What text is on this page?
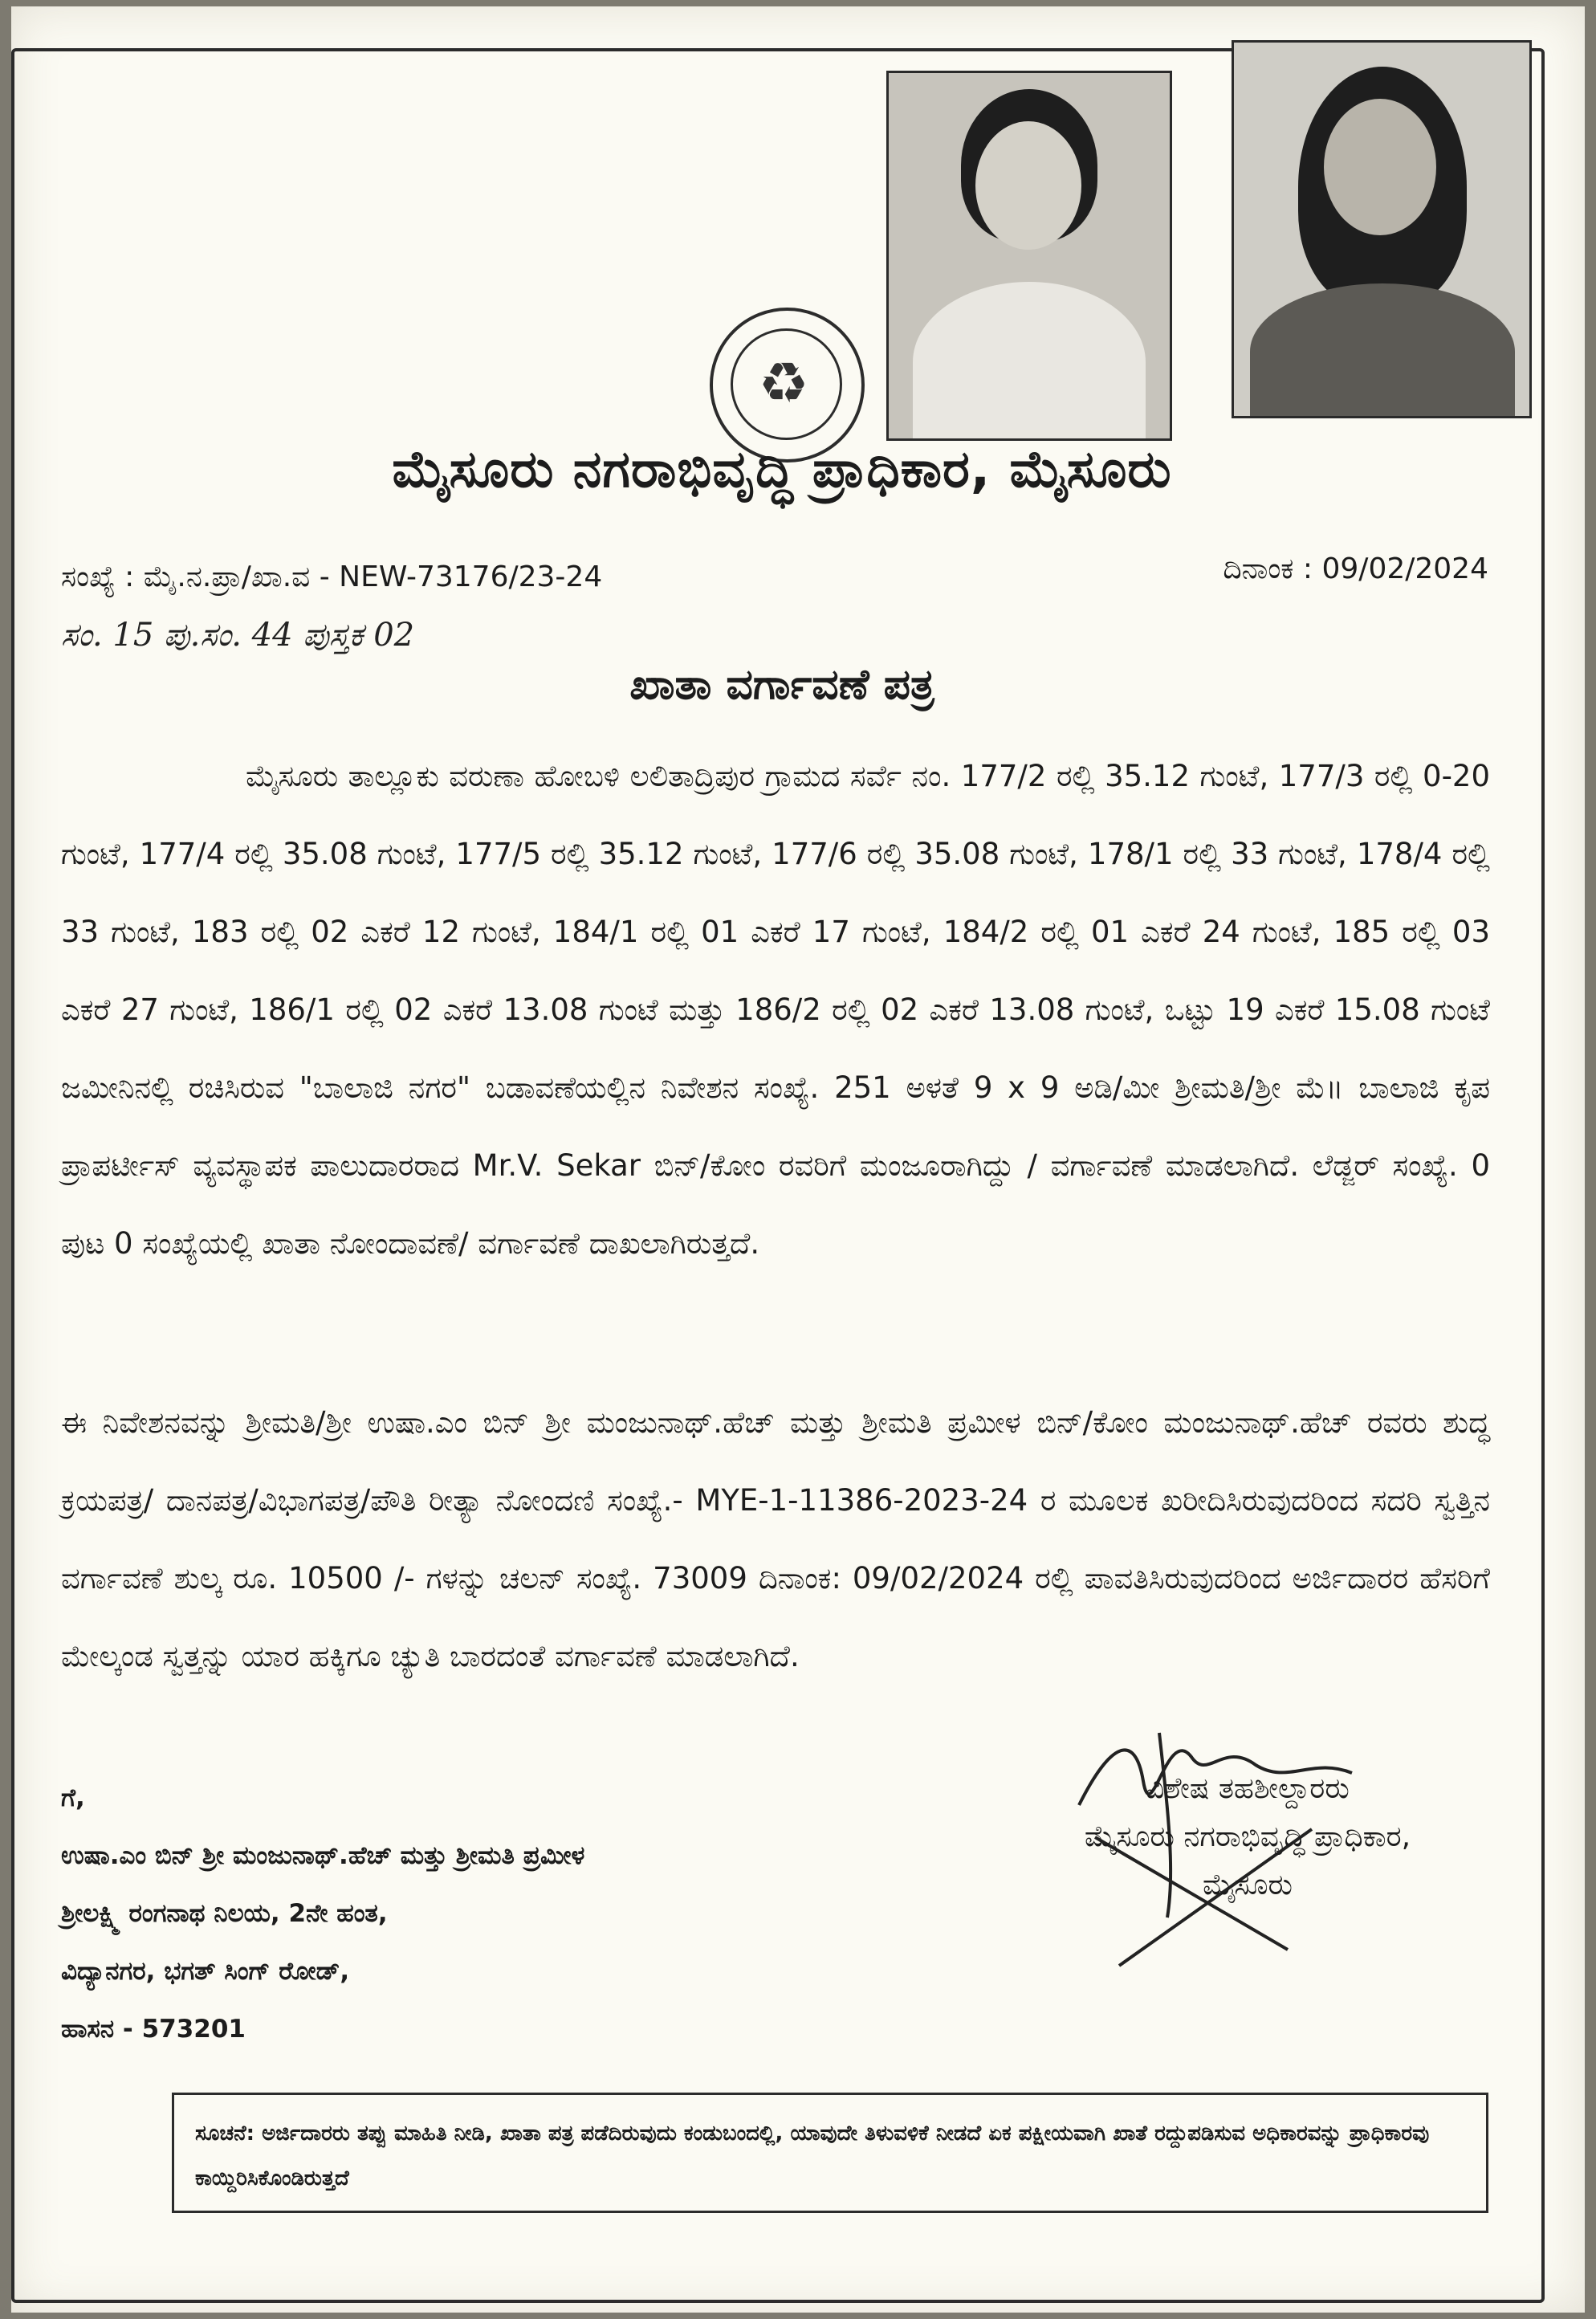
♻
ಮೈಸೂರು ನಗರಾಭಿವೃದ್ಧಿ ಪ್ರಾಧಿಕಾರ, ಮೈಸೂರು
ಸಂಖ್ಯೆ : ಮೈ.ನ.ಪ್ರಾ/ಖಾ.ವ - NEW-73176/23-24	ದಿನಾಂಕ : 09/02/2024
ಸಂ. 15 ಪು.ಸಂ. 44 ಪುಸ್ತಕ 02
ಖಾತಾ ವರ್ಗಾವಣೆ ಪತ್ರ
ಮೈಸೂರು ತಾಲ್ಲೂಕು ವರುಣಾ ಹೋಬಳಿ ಲಲಿತಾದ್ರಿಪುರ ಗ್ರಾಮದ ಸರ್ವೆ ನಂ. 177/2 ರಲ್ಲಿ 35.12 ಗುಂಟೆ, 177/3 ರಲ್ಲಿ 0-20 ಗುಂಟೆ, 177/4 ರಲ್ಲಿ 35.08 ಗುಂಟೆ, 177/5 ರಲ್ಲಿ 35.12 ಗುಂಟೆ, 177/6 ರಲ್ಲಿ 35.08 ಗುಂಟೆ, 178/1 ರಲ್ಲಿ 33 ಗುಂಟೆ, 178/4 ರಲ್ಲಿ 33 ಗುಂಟೆ, 183 ರಲ್ಲಿ 02 ಎಕರೆ 12 ಗುಂಟೆ, 184/1 ರಲ್ಲಿ 01 ಎಕರೆ 17 ಗುಂಟೆ, 184/2 ರಲ್ಲಿ 01 ಎಕರೆ 24 ಗುಂಟೆ, 185 ರಲ್ಲಿ 03 ಎಕರೆ 27 ಗುಂಟೆ, 186/1 ರಲ್ಲಿ 02 ಎಕರೆ 13.08 ಗುಂಟೆ ಮತ್ತು 186/2 ರಲ್ಲಿ 02 ಎಕರೆ 13.08 ಗುಂಟೆ, ಒಟ್ಟು 19 ಎಕರೆ 15.08 ಗುಂಟೆ ಜಮೀನಿನಲ್ಲಿ ರಚಿಸಿರುವ "ಬಾಲಾಜಿ ನಗರ" ಬಡಾವಣೆಯಲ್ಲಿನ ನಿವೇಶನ ಸಂಖ್ಯೆ. 251 ಅಳತೆ 9 x 9 ಅಡಿ/ಮೀ ಶ್ರೀಮತಿ/ಶ್ರೀ ಮೆ॥ ಬಾಲಾಜಿ ಕೃಪ ಪ್ರಾಪರ್ಟೀಸ್ ವ್ಯವಸ್ಥಾಪಕ ಪಾಲುದಾರರಾದ Mr.V. Sekar ಬಿನ್/ಕೋಂ ರವರಿಗೆ ಮಂಜೂರಾಗಿದ್ದು / ವರ್ಗಾವಣೆ ಮಾಡಲಾಗಿದೆ. ಲೆಡ್ಜರ್ ಸಂಖ್ಯೆ. 0 ಪುಟ 0 ಸಂಖ್ಯೆಯಲ್ಲಿ ಖಾತಾ ನೋಂದಾವಣೆ/ ವರ್ಗಾವಣೆ ದಾಖಲಾಗಿರುತ್ತದೆ.
ಈ ನಿವೇಶನವನ್ನು ಶ್ರೀಮತಿ/ಶ್ರೀ ಉಷಾ.ಎಂ ಬಿನ್ ಶ್ರೀ ಮಂಜುನಾಥ್.ಹೆಚ್ ಮತ್ತು ಶ್ರೀಮತಿ ಪ್ರಮೀಳ ಬಿನ್/ಕೋಂ ಮಂಜುನಾಥ್.ಹೆಚ್ ರವರು ಶುದ್ಧ ಕ್ರಯಪತ್ರ/ ದಾನಪತ್ರ/ವಿಭಾಗಪತ್ರ/ಪೌತಿ ರೀತ್ಯಾ ನೋಂದಣಿ ಸಂಖ್ಯೆ.- MYE-1-11386-2023-24 ರ ಮೂಲಕ ಖರೀದಿಸಿರುವುದರಿಂದ ಸದರಿ ಸ್ವತ್ತಿನ ವರ್ಗಾವಣೆ ಶುಲ್ಕ ರೂ. 10500 /- ಗಳನ್ನು ಚಲನ್ ಸಂಖ್ಯೆ. 73009 ದಿನಾಂಕ: 09/02/2024 ರಲ್ಲಿ ಪಾವತಿಸಿರುವುದರಿಂದ ಅರ್ಜಿದಾರರ ಹೆಸರಿಗೆ ಮೇಲ್ಕಂಡ ಸ್ವತ್ತನ್ನು ಯಾರ ಹಕ್ಕಿಗೂ ಚ್ಯುತಿ ಬಾರದಂತೆ ವರ್ಗಾವಣೆ ಮಾಡಲಾಗಿದೆ.
ಗೆ,
ಉಷಾ.ಎಂ ಬಿನ್ ಶ್ರೀ ಮಂಜುನಾಥ್.ಹೆಚ್ ಮತ್ತು ಶ್ರೀಮತಿ ಪ್ರಮೀಳ
ಶ್ರೀಲಕ್ಷ್ಮಿ ರಂಗನಾಥ ನಿಲಯ, 2ನೇ ಹಂತ,
ವಿದ್ಯಾನಗರ, ಭಗತ್ ಸಿಂಗ್ ರೋಡ್,
ಹಾಸನ - 573201
ವಿಶೇಷ ತಹಶೀಲ್ದಾರರು
ಮೈಸೂರು ನಗರಾಭಿವೃದ್ಧಿ ಪ್ರಾಧಿಕಾರ,
ಮೈಸೂರು
ಸೂಚನೆ: ಅರ್ಜಿದಾರರು ತಪ್ಪು ಮಾಹಿತಿ ನೀಡಿ, ಖಾತಾ ಪತ್ರ ಪಡೆದಿರುವುದು ಕಂಡುಬಂದಲ್ಲಿ, ಯಾವುದೇ ತಿಳುವಳಿಕೆ ನೀಡದೆ ಏಕ ಪಕ್ಷೀಯವಾಗಿ ಖಾತೆ ರದ್ದುಪಡಿಸುವ ಅಧಿಕಾರವನ್ನು ಪ್ರಾಧಿಕಾರವು ಕಾಯ್ದಿರಿಸಿಕೊಂಡಿರುತ್ತದೆ
